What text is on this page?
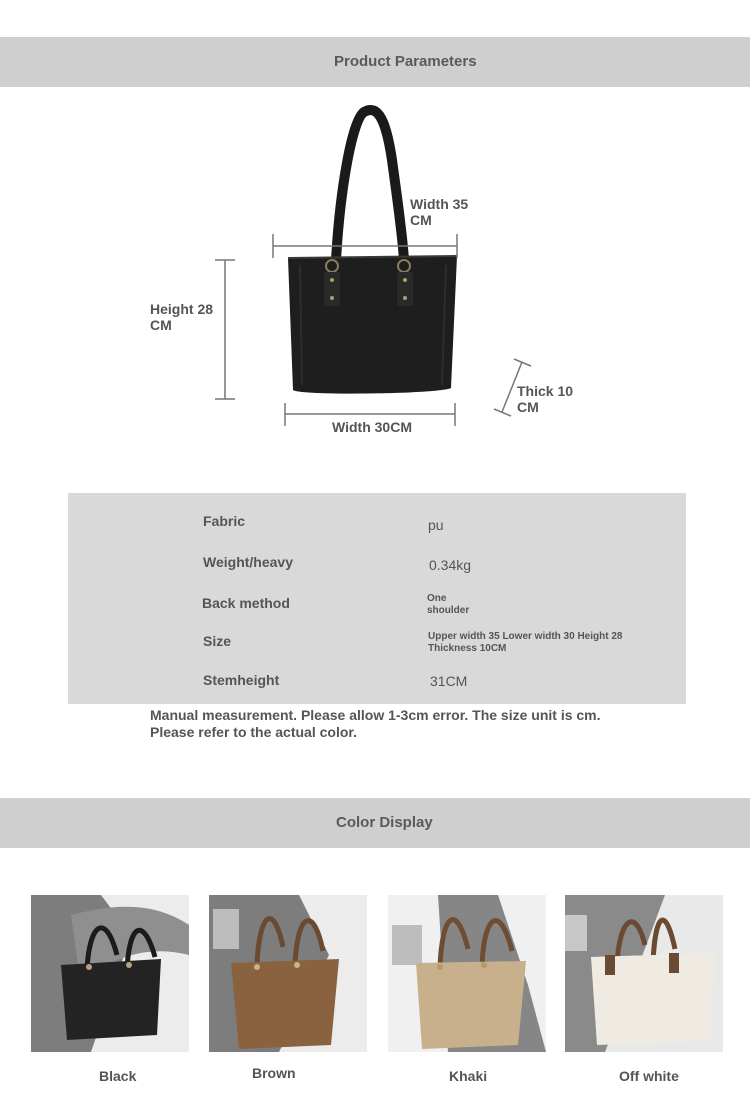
Product Parameters
Width 35
CM
Height 28
CM
Width 30CM
Thick 10
CM
Fabric	pu
Weight/heavy	0.34kg
Back method	One
shoulder
Size	Upper width 35 Lower width 30 Height 28
Thickness 10CM
Stemheight	31CM
Manual measurement. Please allow 1-3cm error. The size unit is cm.
Please refer to the actual color.
Color Display
Black	Brown	Khaki	Off white
